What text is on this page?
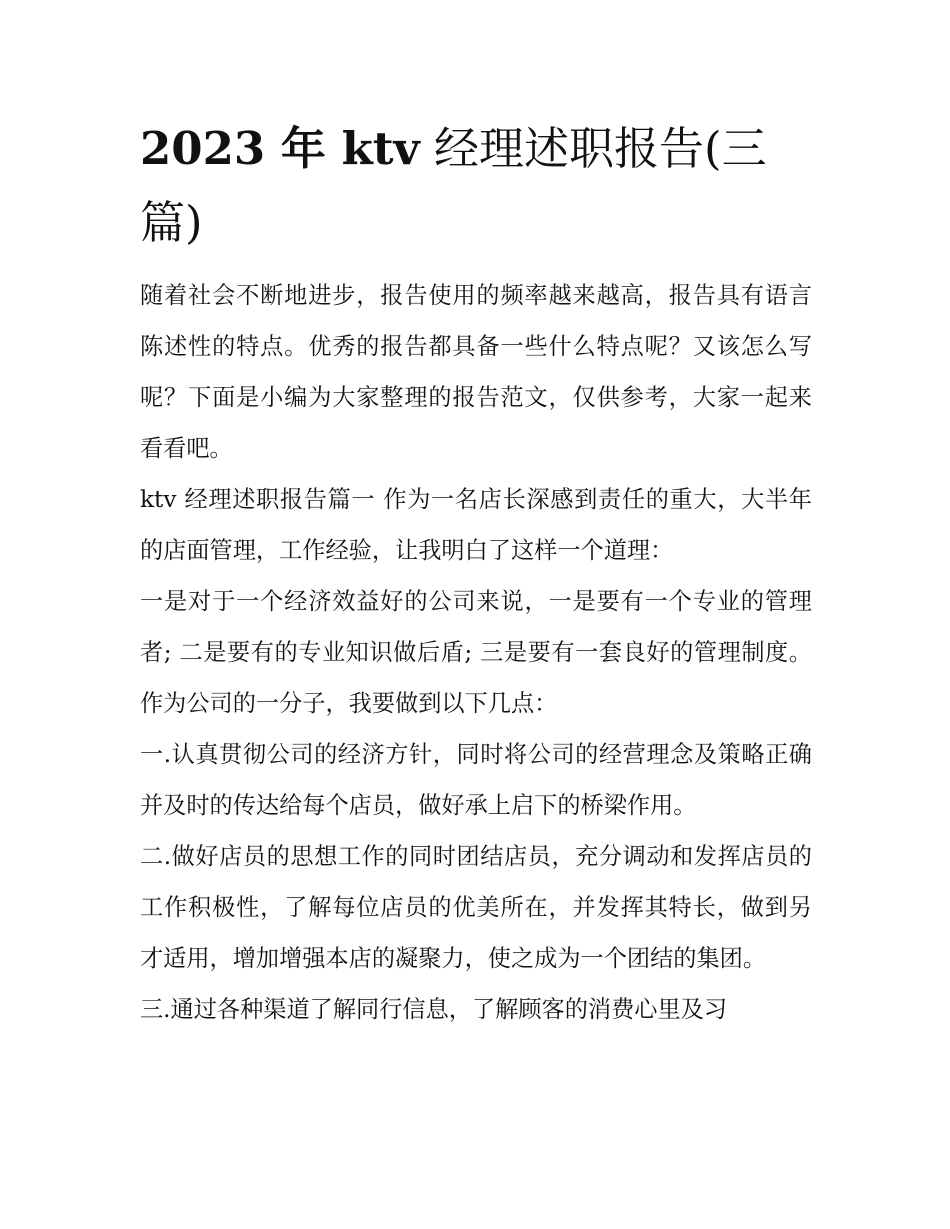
2023 年 ktv 经理述职报告(三篇)

随着社会不断地进步，报告使用的频率越来越高，报告具有语言陈述性的特点。优秀的报告都具备一些什么特点呢？又该怎么写呢？下面是小编为大家整理的报告范文，仅供参考，大家一起来看看吧。

ktv 经理述职报告篇一 作为一名店长深感到责任的重大，大半年的店面管理，工作经验，让我明白了这样一个道理：

一是对于一个经济效益好的公司来说，一是要有一个专业的管理者; 二是要有的专业知识做后盾; 三是要有一套良好的管理制度。 作为公司的一分子，我要做到以下几点：

一.认真贯彻公司的经济方针，同时将公司的经营理念及策略正确并及时的传达给每个店员，做好承上启下的桥梁作用。

二.做好店员的思想工作的同时团结店员，充分调动和发挥店员的工作积极性，了解每位店员的优美所在，并发挥其特长，做到另才适用，增加增强本店的凝聚力，使之成为一个团结的集团。

三.通过各种渠道了解同行信息，了解顾客的消费心里及习
